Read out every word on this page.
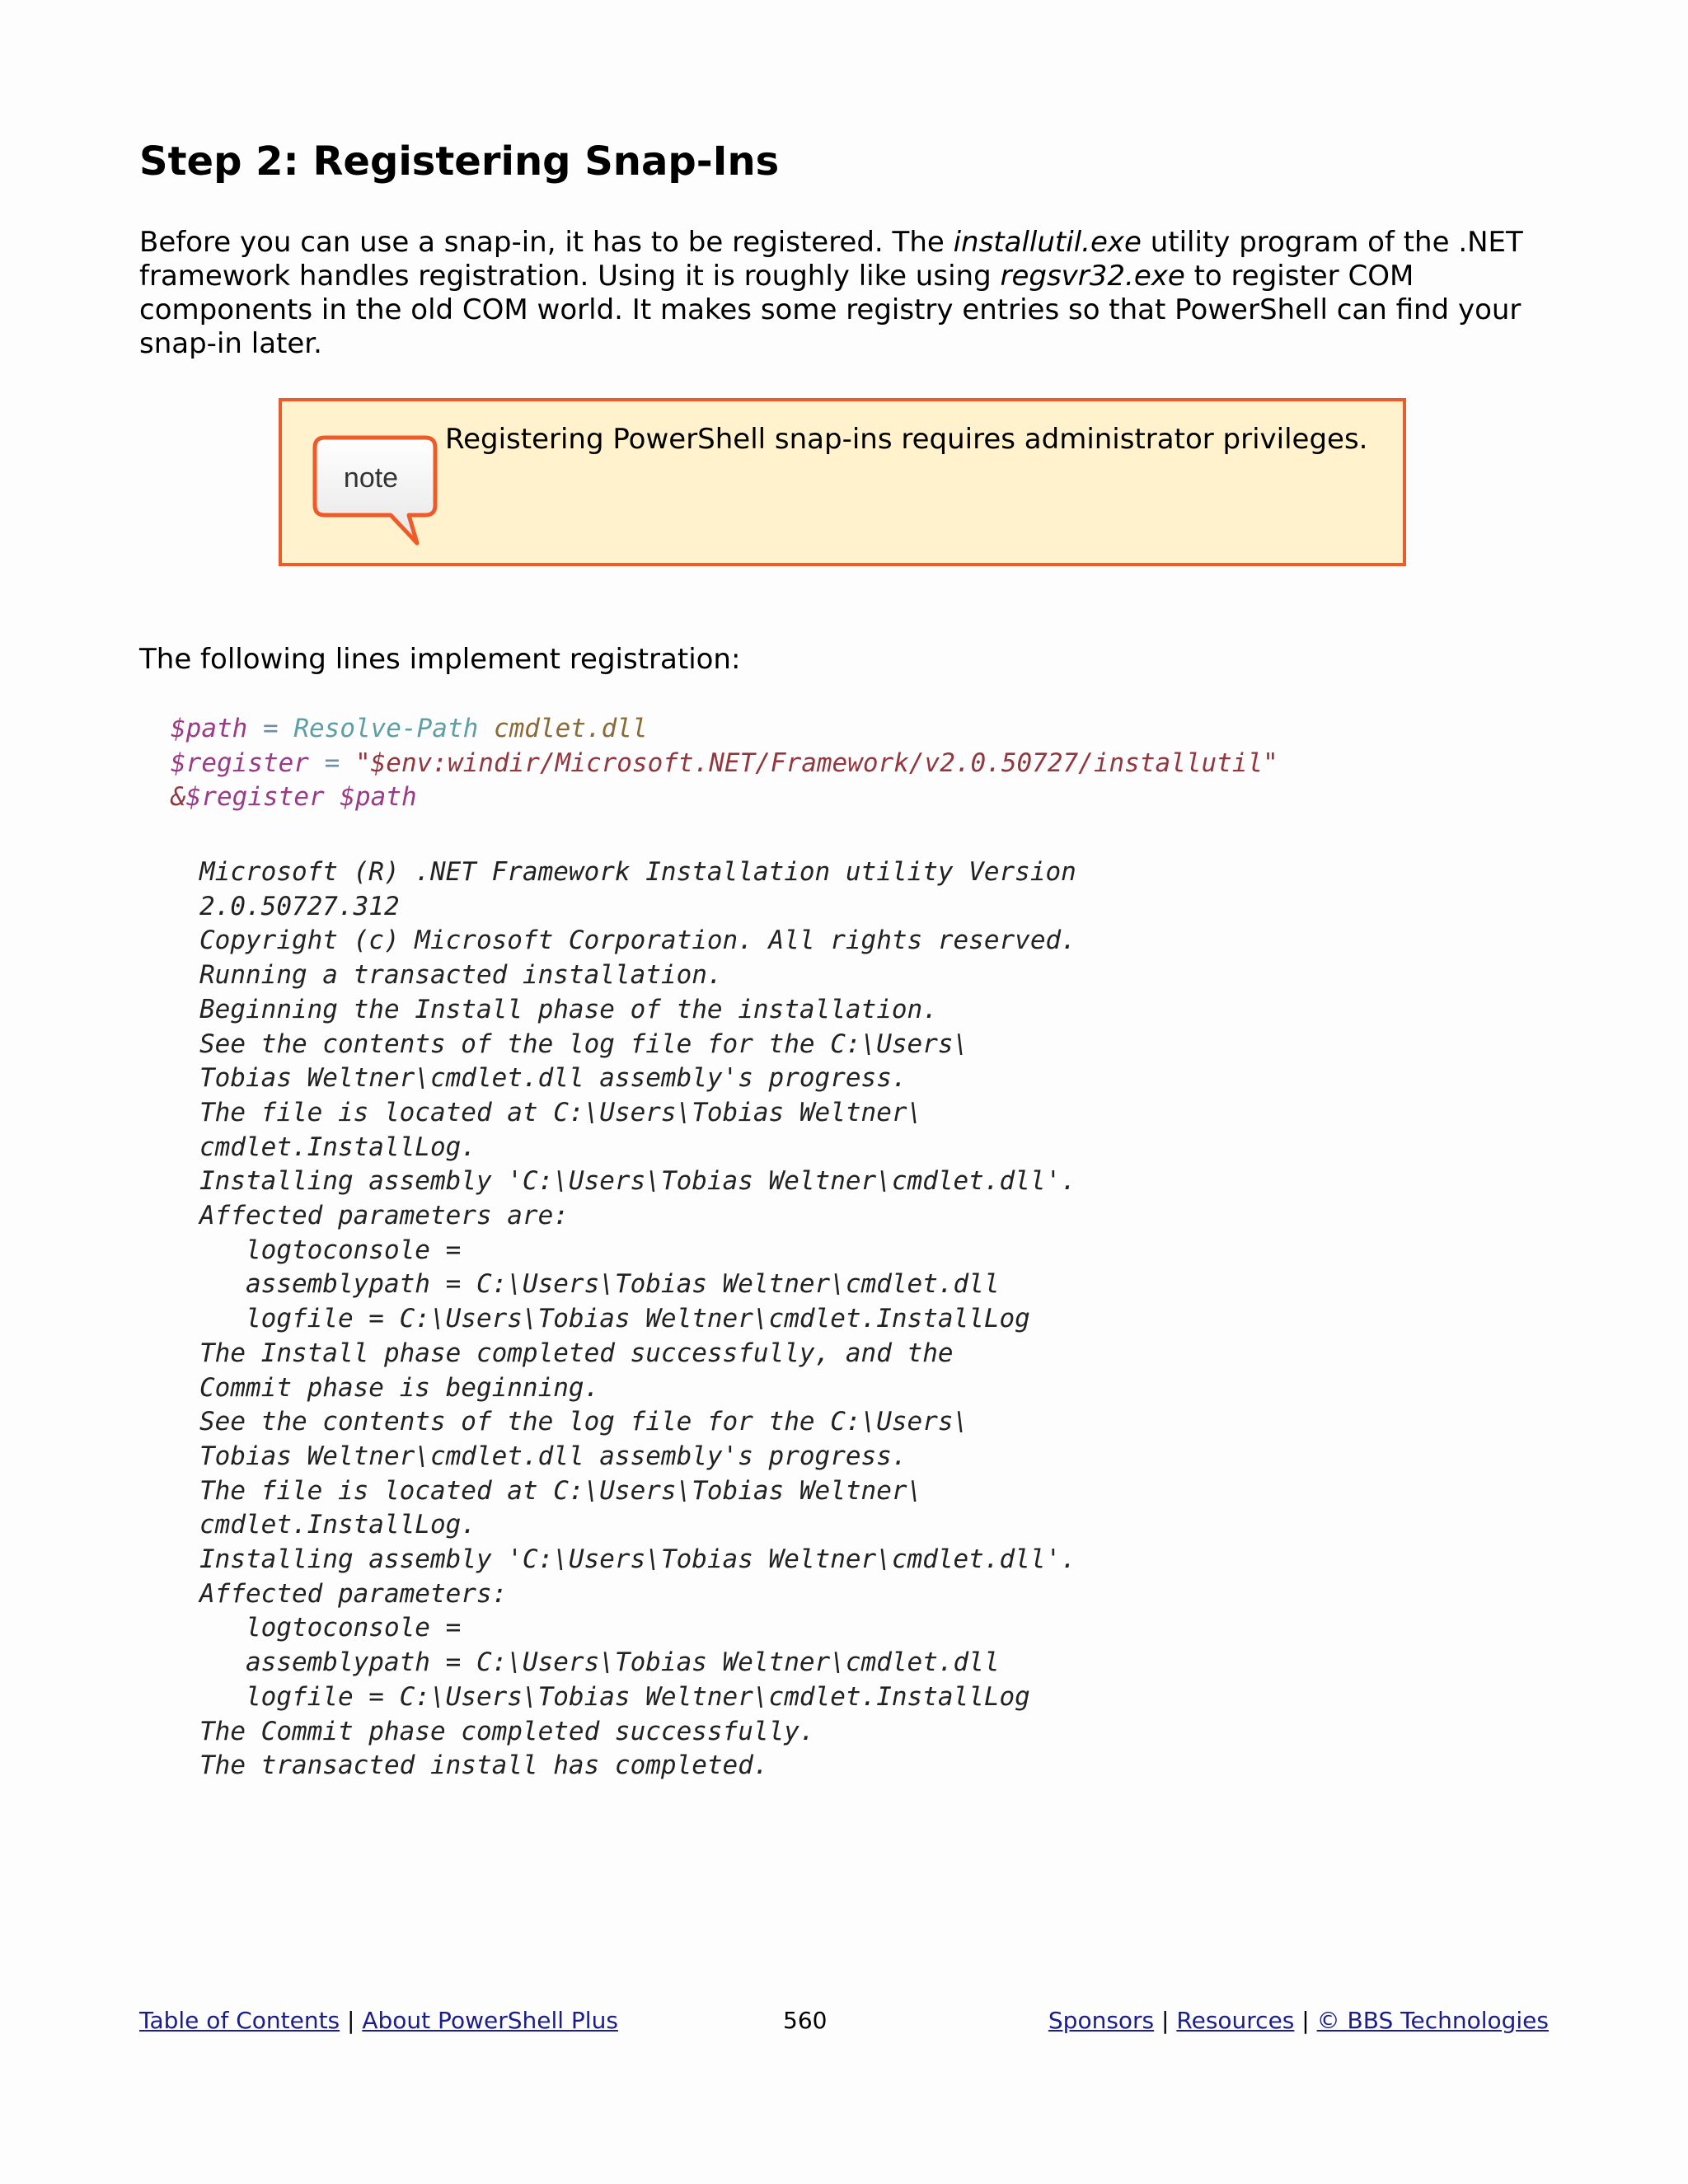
Step 2: Registering Snap-Ins

Before you can use a snap-in, it has to be registered. The installutil.exe utility program of the .NET framework handles registration. Using it is roughly like using regsvr32.exe to register COM components in the old COM world. It makes some registry entries so that PowerShell can find your snap-in later.

note

Registering PowerShell snap-ins requires administrator privileges.

The following lines implement registration:

$path = Resolve-Path cmdlet.dll
$register = "$env:windir/Microsoft.NET/Framework/v2.0.50727/installutil"
&$register $path
Microsoft (R) .NET Framework Installation utility Version
2.0.50727.312
Copyright (c) Microsoft Corporation. All rights reserved.
Running a transacted installation.
Beginning the Install phase of the installation.
See the contents of the log file for the C:\Users\
Tobias Weltner\cmdlet.dll assembly's progress.
The file is located at C:\Users\Tobias Weltner\
cmdlet.InstallLog.
Installing assembly 'C:\Users\Tobias Weltner\cmdlet.dll'.
Affected parameters are:
logtoconsole =
assemblypath = C:\Users\Tobias Weltner\cmdlet.dll
logfile = C:\Users\Tobias Weltner\cmdlet.InstallLog
The Install phase completed successfully, and the
Commit phase is beginning.
See the contents of the log file for the C:\Users\
Tobias Weltner\cmdlet.dll assembly's progress.
The file is located at C:\Users\Tobias Weltner\
cmdlet.InstallLog.
Installing assembly 'C:\Users\Tobias Weltner\cmdlet.dll'.
Affected parameters:
logtoconsole =
assemblypath = C:\Users\Tobias Weltner\cmdlet.dll
logfile = C:\Users\Tobias Weltner\cmdlet.InstallLog
The Commit phase completed successfully.
The transacted install has completed.
Table of Contents | About PowerShell Plus	560	Sponsors | Resources | © BBS Technologies
